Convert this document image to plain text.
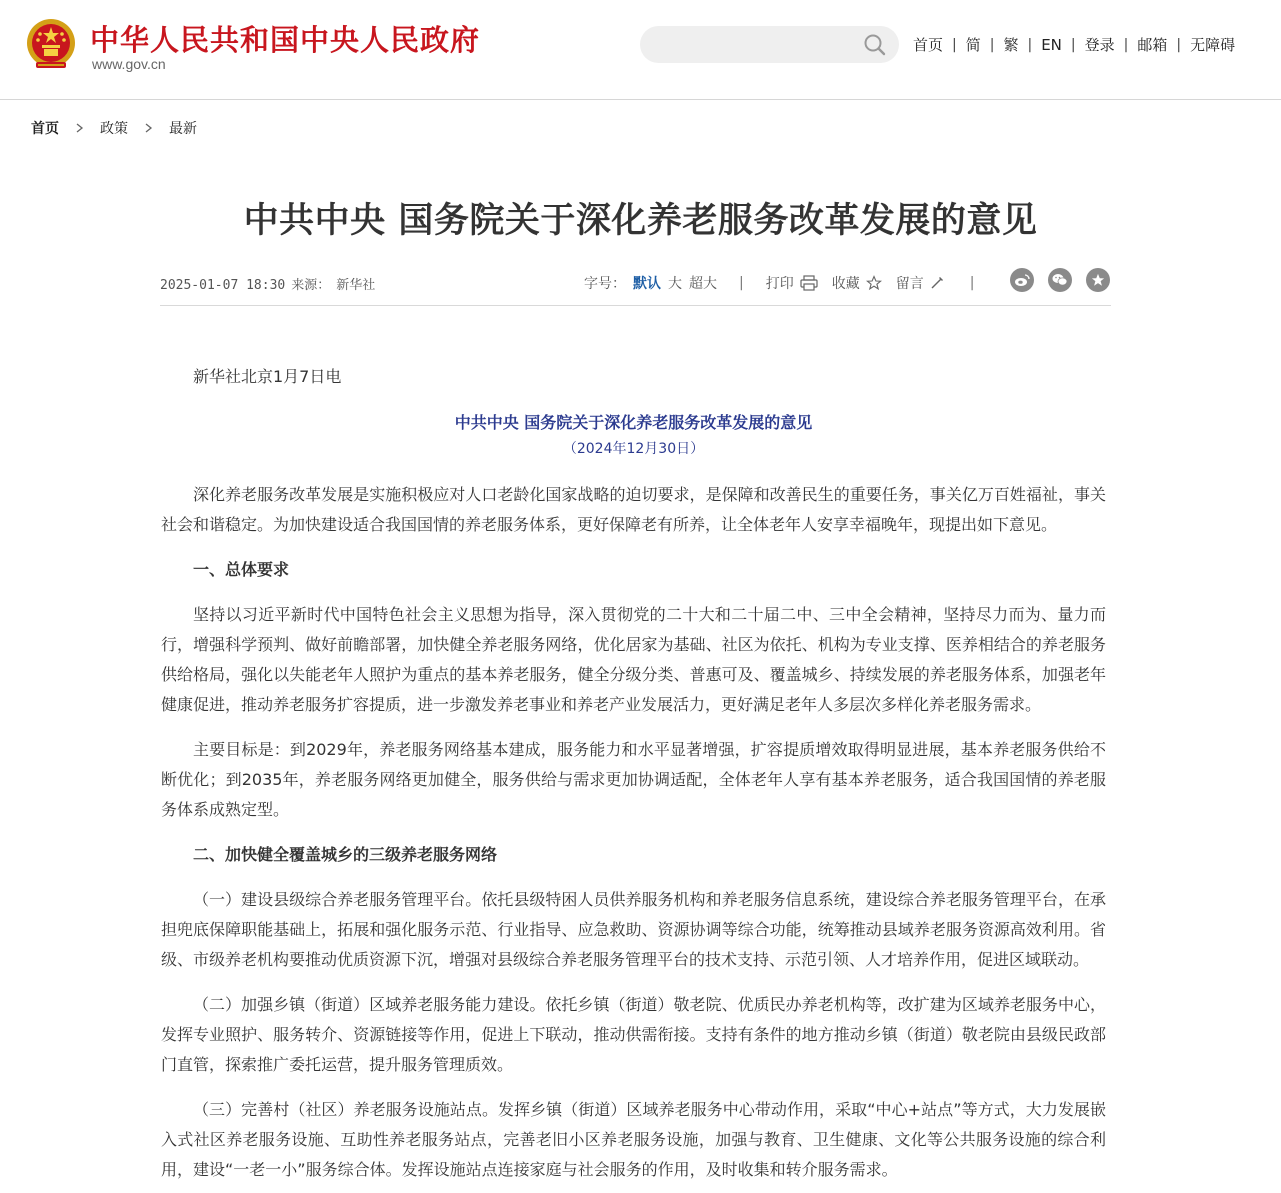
中华人民共和国中央人民政府
www.gov.cn
首页 | 简 | 繁 | EN | 登录 | 邮箱 | 无障碍
首页	政策	最新
中共中央 国务院关于深化养老服务改革发展的意见
2025-01-07 18:30 来源： 新华社	字号： 默认 大 超大 | 打印	收藏	留言	|

新华社北京1月7日电

中共中央 国务院关于深化养老服务改革发展的意见

（2024年12月30日）

深化养老服务改革发展是实施积极应对人口老龄化国家战略的迫切要求，是保障和改善民生的重要任务，事关亿万百姓福祉，事关社会和谐稳定。为加快建设适合我国国情的养老服务体系，更好保障老有所养，让全体老年人安享幸福晚年，现提出如下意见。

一、总体要求

坚持以习近平新时代中国特色社会主义思想为指导，深入贯彻党的二十大和二十届二中、三中全会精神，坚持尽力而为、量力而行，增强科学预判、做好前瞻部署，加快健全养老服务网络，优化居家为基础、社区为依托、机构为专业支撑、医养相结合的养老服务供给格局，强化以失能老年人照护为重点的基本养老服务，健全分级分类、普惠可及、覆盖城乡、持续发展的养老服务体系，加强老年健康促进，推动养老服务扩容提质，进一步激发养老事业和养老产业发展活力，更好满足老年人多层次多样化养老服务需求。

主要目标是：到2029年，养老服务网络基本建成，服务能力和水平显著增强，扩容提质增效取得明显进展，基本养老服务供给不断优化；到2035年，养老服务网络更加健全，服务供给与需求更加协调适配，全体老年人享有基本养老服务，适合我国国情的养老服务体系成熟定型。

二、加快健全覆盖城乡的三级养老服务网络

（一）建设县级综合养老服务管理平台。依托县级特困人员供养服务机构和养老服务信息系统，建设综合养老服务管理平台，在承担兜底保障职能基础上，拓展和强化服务示范、行业指导、应急救助、资源协调等综合功能，统筹推动县域养老服务资源高效利用。省级、市级养老机构要推动优质资源下沉，增强对县级综合养老服务管理平台的技术支持、示范引领、人才培养作用，促进区域联动。

（二）加强乡镇（街道）区域养老服务能力建设。依托乡镇（街道）敬老院、优质民办养老机构等，改扩建为区域养老服务中心，发挥专业照护、服务转介、资源链接等作用，促进上下联动，推动供需衔接。支持有条件的地方推动乡镇（街道）敬老院由县级民政部门直管，探索推广委托运营，提升服务管理质效。

（三）完善村（社区）养老服务设施站点。发挥乡镇（街道）区域养老服务中心带动作用，采取“中心+站点”等方式，大力发展嵌入式社区养老服务设施、互助性养老服务站点，完善老旧小区养老服务设施，加强与教育、卫生健康、文化等公共服务设施的综合利用，建设“一老一小”服务综合体。发挥设施站点连接家庭与社会服务的作用，及时收集和转介服务需求。
